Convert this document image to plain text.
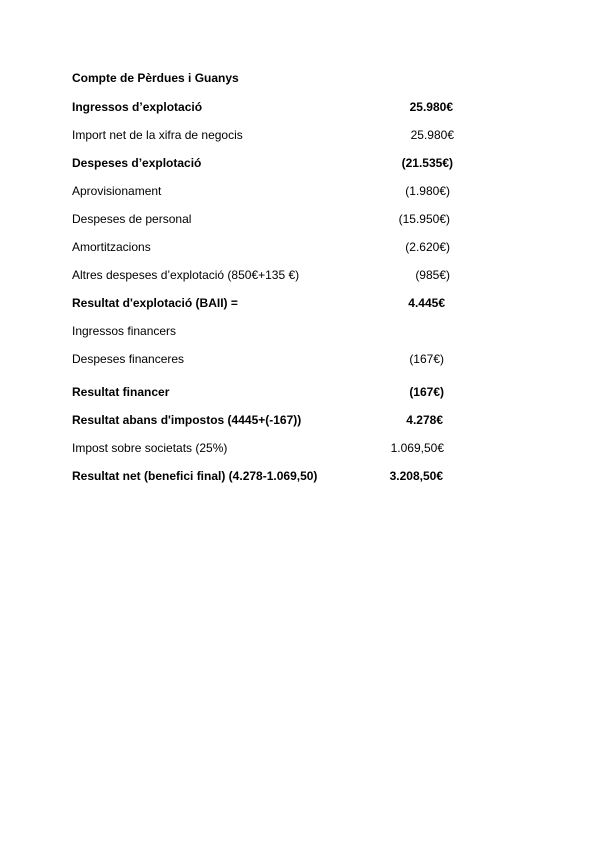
Compte de Pèrdues i Guanys
Ingressos d’explotació	25.980€
Import net de la xifra de negocis	25.980€
Despeses d’explotació	(21.535€)
Aprovisionament	(1.980€)
Despeses de personal	(15.950€)
Amortitzacions	(2.620€)
Altres despeses d’explotació (850€+135 €)	(985€)
Resultat d'explotació (BAII) =	4.445€
Ingressos financers
Despeses financeres	(167€)
Resultat financer	(167€)
Resultat abans d'impostos (4445+(-167))	4.278€
Impost sobre societats (25%)	1.069,50€
Resultat net (benefici final) (4.278-1.069,50)	3.208,50€
